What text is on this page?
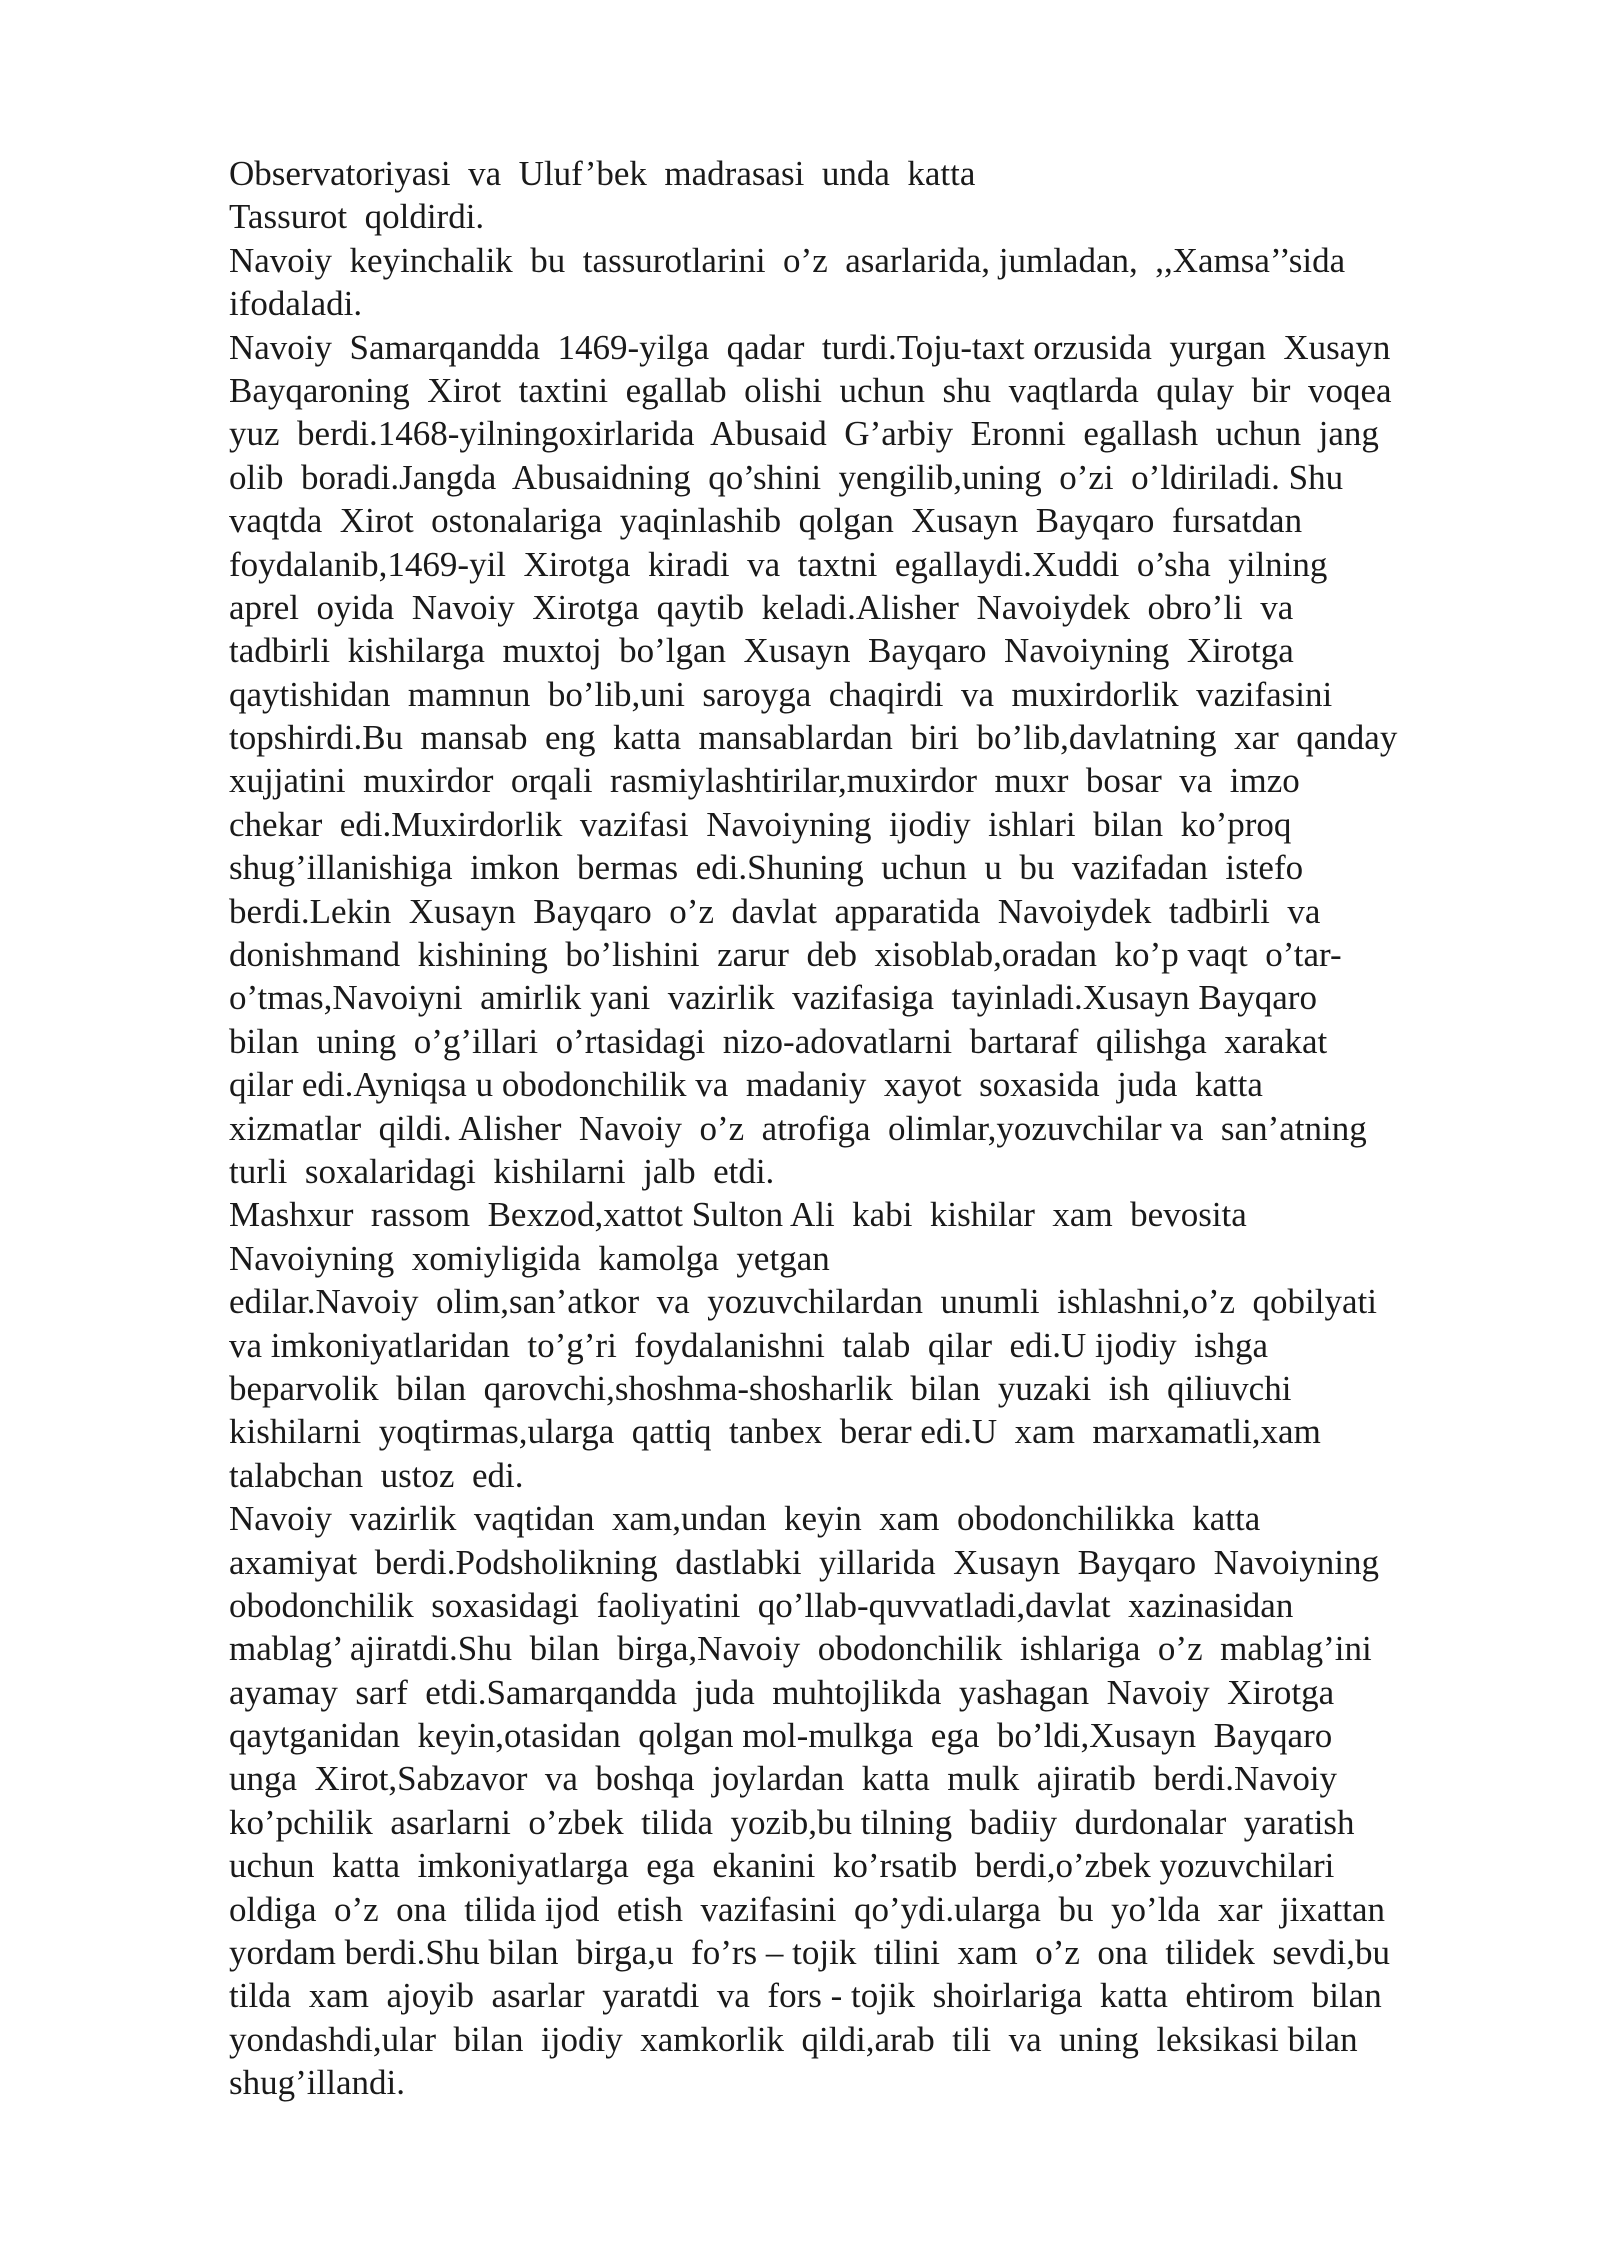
Observatoriyasi  va  Uluf’bek  madrasasi  unda  katta
Tassurot  qoldirdi.
Navoiy  keyinchalik  bu  tassurotlarini  o’z  asarlarida, jumladan,  ,,Xamsa’’sida
ifodaladi.
Navoiy  Samarqandda  1469-yilga  qadar  turdi.Toju-taxt orzusida  yurgan  Xusayn
Bayqaroning  Xirot  taxtini  egallab  olishi  uchun  shu  vaqtlarda  qulay  bir  voqea
yuz  berdi.1468-yilningoxirlarida  Abusaid  G’arbiy  Eronni  egallash  uchun  jang
olib  boradi.Jangda  Abusaidning  qo’shini  yengilib,uning  o’zi  o’ldiriladi. Shu
vaqtda  Xirot  ostonalariga  yaqinlashib  qolgan  Xusayn  Bayqaro  fursatdan
foydalanib,1469-yil  Xirotga  kiradi  va  taxtni  egallaydi.Xuddi  o’sha  yilning
aprel  oyida  Navoiy  Xirotga  qaytib  keladi.Alisher  Navoiydek  obro’li  va
tadbirli  kishilarga  muxtoj  bo’lgan  Xusayn  Bayqaro  Navoiyning  Xirotga
qaytishidan  mamnun  bo’lib,uni  saroyga  chaqirdi  va  muxirdorlik  vazifasini
topshirdi.Bu  mansab  eng  katta  mansablardan  biri  bo’lib,davlatning  xar  qanday
xujjatini  muxirdor  orqali  rasmiylashtirilar,muxirdor  muxr  bosar  va  imzo
chekar  edi.Muxirdorlik  vazifasi  Navoiyning  ijodiy  ishlari  bilan  ko’proq
shug’illanishiga  imkon  bermas  edi.Shuning  uchun  u  bu  vazifadan  istefo
berdi.Lekin  Xusayn  Bayqaro  o’z  davlat  apparatida  Navoiydek  tadbirli  va
donishmand  kishining  bo’lishini  zarur  deb  xisoblab,oradan  ko’p vaqt  o’tar-
o’tmas,Navoiyni  amirlik yani  vazirlik  vazifasiga  tayinladi.Xusayn Bayqaro
bilan  uning  o’g’illari  o’rtasidagi  nizo-adovatlarni  bartaraf  qilishga  xarakat
qilar edi.Ayniqsa u obodonchilik va  madaniy  xayot  soxasida  juda  katta
xizmatlar  qildi. Alisher  Navoiy  o’z  atrofiga  olimlar,yozuvchilar va  san’atning
turli  soxalaridagi  kishilarni  jalb  etdi.
Mashxur  rassom  Bexzod,xattot Sulton Ali  kabi  kishilar  xam  bevosita
Navoiyning  xomiyligida  kamolga  yetgan
edilar.Navoiy  olim,san’atkor  va  yozuvchilardan  unumli  ishlashni,o’z  qobilyati
va imkoniyatlaridan  to’g’ri  foydalanishni  talab  qilar  edi.U ijodiy  ishga
beparvolik  bilan  qarovchi,shoshma-shosharlik  bilan  yuzaki  ish  qiliuvchi
kishilarni  yoqtirmas,ularga  qattiq  tanbex  berar edi.U  xam  marxamatli,xam
talabchan  ustoz  edi.
Navoiy  vazirlik  vaqtidan  xam,undan  keyin  xam  obodonchilikka  katta
axamiyat  berdi.Podsholikning  dastlabki  yillarida  Xusayn  Bayqaro  Navoiyning
obodonchilik  soxasidagi  faoliyatini  qo’llab-quvvatladi,davlat  xazinasidan
mablag’ ajiratdi.Shu  bilan  birga,Navoiy  obodonchilik  ishlariga  o’z  mablag’ini
ayamay  sarf  etdi.Samarqandda  juda  muhtojlikda  yashagan  Navoiy  Xirotga
qaytganidan  keyin,otasidan  qolgan mol-mulkga  ega  bo’ldi,Xusayn  Bayqaro
unga  Xirot,Sabzavor  va  boshqa  joylardan  katta  mulk  ajiratib  berdi.Navoiy
ko’pchilik  asarlarni  o’zbek  tilida  yozib,bu tilning  badiiy  durdonalar  yaratish
uchun  katta  imkoniyatlarga  ega  ekanini  ko’rsatib  berdi,o’zbek yozuvchilari
oldiga  o’z  ona  tilida ijod  etish  vazifasini  qo’ydi.ularga  bu  yo’lda  xar  jixattan
yordam berdi.Shu bilan  birga,u  fo’rs – tojik  tilini  xam  o’z  ona  tilidek  sevdi,bu
tilda  xam  ajoyib  asarlar  yaratdi  va  fors - tojik  shoirlariga  katta  ehtirom  bilan
yondashdi,ular  bilan  ijodiy  xamkorlik  qildi,arab  tili  va  uning  leksikasi bilan
shug’illandi.
